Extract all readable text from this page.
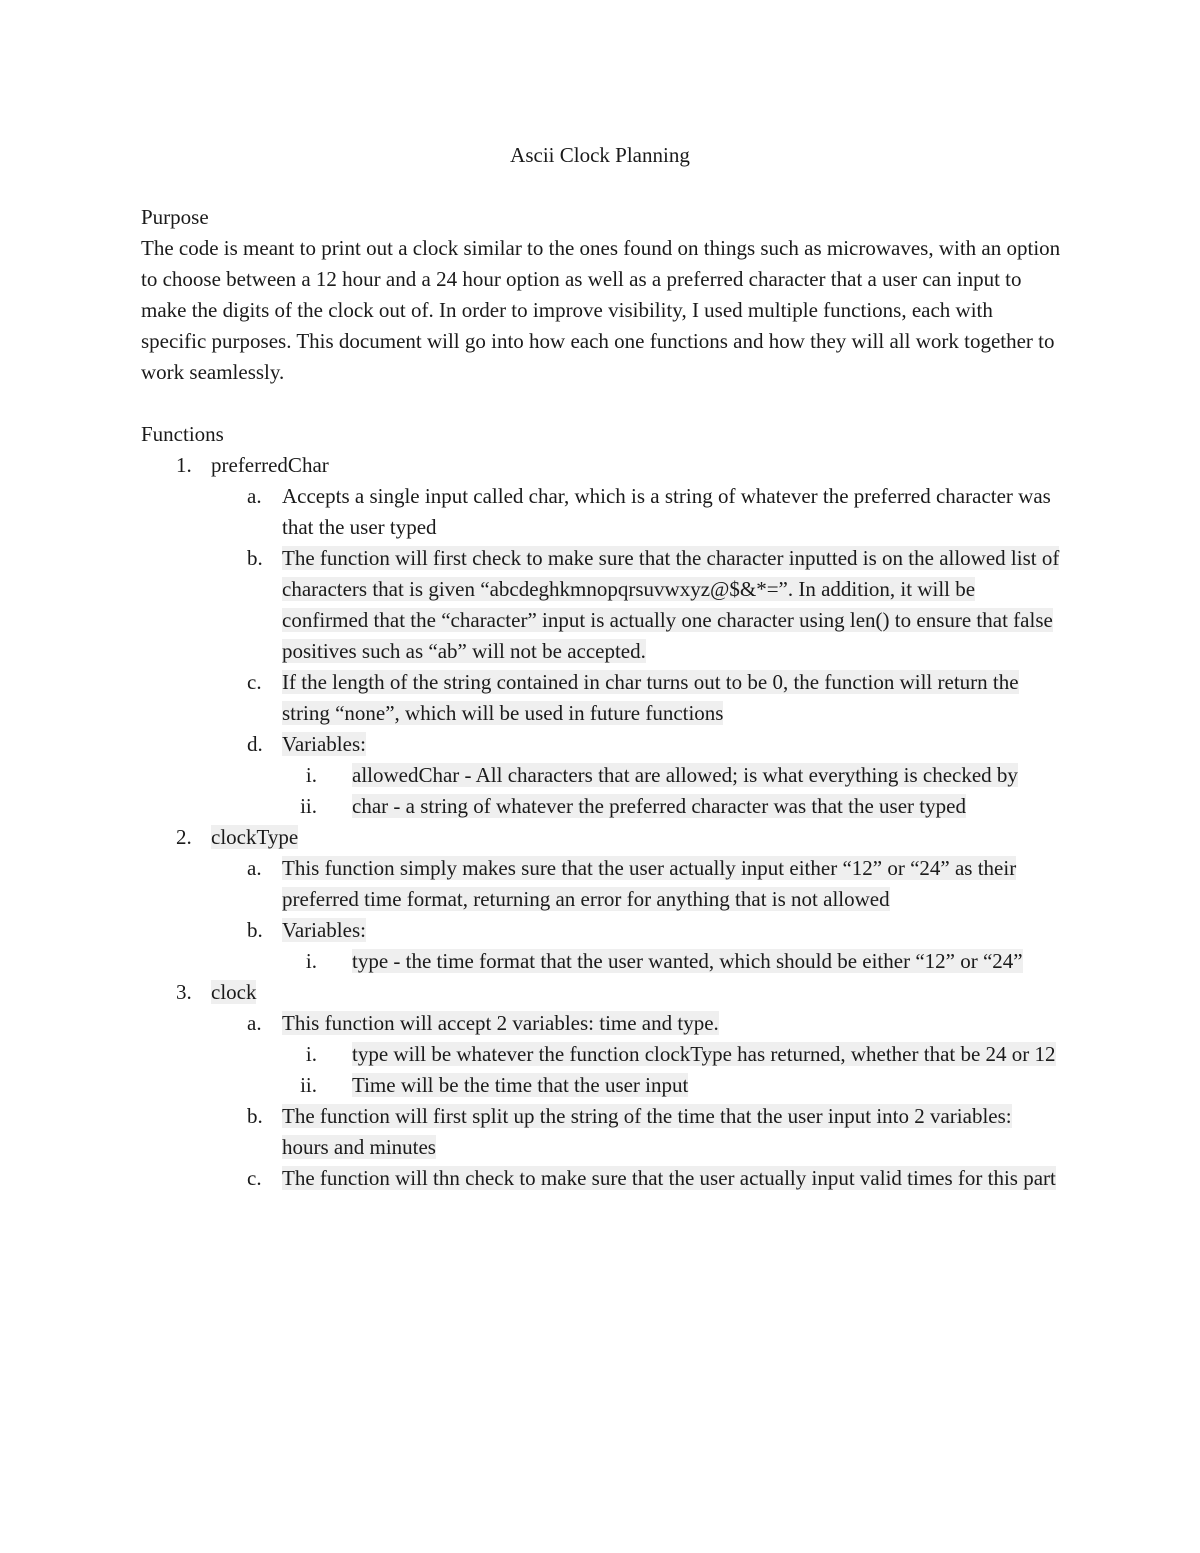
Ascii Clock Planning

Purpose

The code is meant to print out a clock similar to the ones found on things such as microwaves, with an option to choose between a 12 hour and a 24 hour option as well as a preferred character that a user can input to make the digits of the clock out of. In order to improve visibility, I used multiple functions, each with specific purposes. This document will go into how each one functions and how they will all work together to work seamlessly.

Functions

1. preferredChar
a. Accepts a single input called char, which is a string of whatever the preferred character was that the user typed
b. The function will first check to make sure that the character inputted is on the allowed list of characters that is given “abcdeghkmnopqrsuvwxyz@$&*=”. In addition, it will be confirmed that the “character” input is actually one character using len() to ensure that false positives such as “ab” will not be accepted.
c. If the length of the string contained in char turns out to be 0, the function will return the string “none”, which will be used in future functions
d. Variables:
i. allowedChar - All characters that are allowed; is what everything is checked by
ii. char - a string of whatever the preferred character was that the user typed
2. clockType
a. This function simply makes sure that the user actually input either “12” or “24” as their preferred time format, returning an error for anything that is not allowed
b. Variables:
i. type - the time format that the user wanted, which should be either “12” or “24”
3. clock
a. This function will accept 2 variables: time and type.
i. type will be whatever the function clockType has returned, whether that be 24 or 12
ii. Time will be the time that the user input
b. The function will first split up the string of the time that the user input into 2 variables: hours and minutes
c. The function will thn check to make sure that the user actually input valid times for this part
